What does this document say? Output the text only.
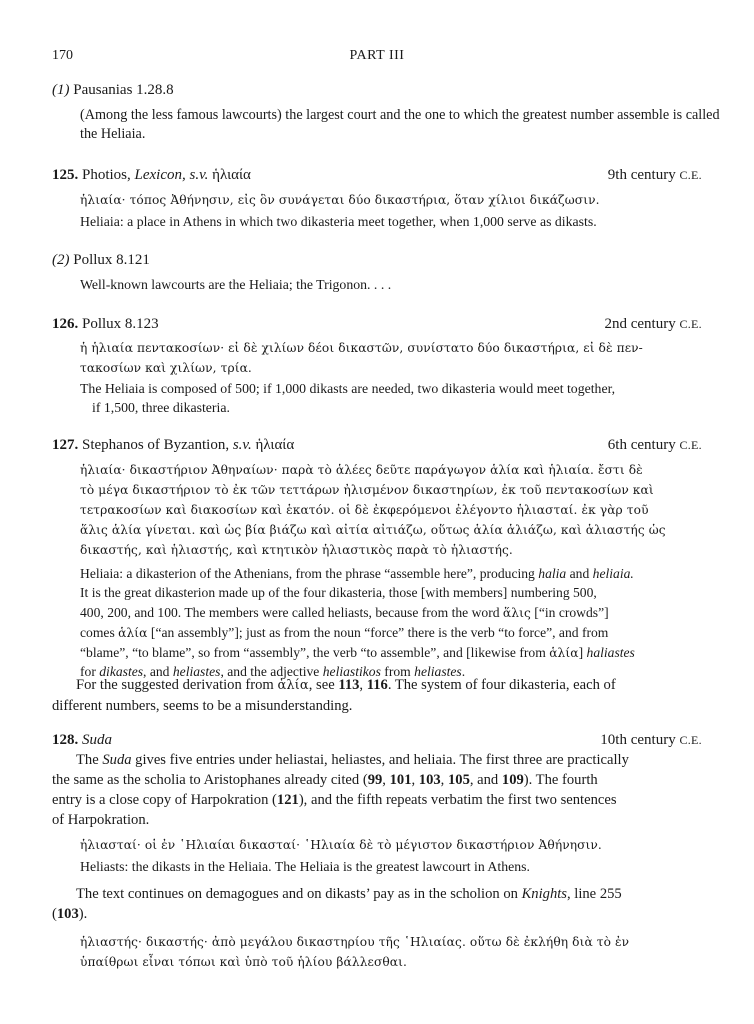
170	PART III
(1) Pausanias 1.28.8

(Among the less famous lawcourts) the largest court and the one to which the greatest number assemble is called the Heliaia.

125. Photios, Lexicon, s.v. ἡλιαία	9th century C.E.

ἡλιαία· τόπος Ἀθήνησιν, εἰς ὃν συνάγεται δύο δικαστήρια, ὅταν χίλιοι δικάζωσιν.

Heliaia: a place in Athens in which two dikasteria meet together, when 1,000 serve as dikasts.

(2) Pollux 8.121

Well-known lawcourts are the Heliaia; the Trigonon. . . .

126. Pollux 8.123	2nd century C.E.

ἡ ἡλιαία πεντακοσίων· εἰ δὲ χιλίων δέοι δικαστῶν, συνίστατο δύο δικαστήρια, εἰ δὲ πεν-

τακοσίων καὶ χιλίων, τρία.

The Heliaia is composed of 500; if 1,000 dikasts are needed, two dikasteria would meet together,

if 1,500, three dikasteria.

127. Stephanos of Byzantion, s.v. ἡλιαία	6th century C.E.

ἡλιαία· δικαστήριον Ἀθηναίων· παρὰ τὸ ἁλέες δεῦτε παράγωγον ἁλία καὶ ἡλιαία. ἔστι δὲ

τὸ μέγα δικαστήριον τὸ ἐκ τῶν τεττάρων ἠλισμένον δικαστηρίων, ἐκ τοῦ πεντακοσίων καὶ

τετρακοσίων καὶ διακοσίων καὶ ἑκατόν. οἱ δὲ ἐκφερόμενοι ἐλέγοντο ἡλιασταί. ἐκ γὰρ τοῦ

ἅλις ἁλία γίνεται. καὶ ὡς βία βιάζω καὶ αἰτία αἰτιάζω, οὕτως ἁλία ἁλιάζω, καὶ ἁλιαστής ὡς

δικαστής, καὶ ἡλιαστής, καὶ κτητικὸν ἡλιαστικὸς παρὰ τὸ ἡλιαστής.

Heliaia: a dikasterion of the Athenians, from the phrase “assemble here”, producing halia and heliaia.

It is the great dikasterion made up of the four dikasteria, those [with members] numbering 500,

400, 200, and 100. The members were called heliasts, because from the word ἅλις [“in crowds”]

comes ἁλία [“an assembly”]; just as from the noun “force” there is the verb “to force”, and from

“blame”, “to blame”, so from “assembly”, the verb “to assemble”, and [likewise from ἁλία] haliastes

for dikastes, and heliastes, and the adjective heliastikos from heliastes.

For the suggested derivation from ἁλία, see 113, 116. The system of four dikasteria, each of

different numbers, seems to be a misunderstanding.

128. Suda	10th century C.E.

The Suda gives five entries under heliastai, heliastes, and heliaia. The first three are practically

the same as the scholia to Aristophanes already cited (99, 101, 103, 105, and 109). The fourth

entry is a close copy of Harpokration (121), and the fifth repeats verbatim the first two sentences

of Harpokration.

ἡλιασταί· οἱ ἐν ῾Ηλιαίαι δικασταί· ῾Ηλιαία δὲ τὸ μέγιστον δικαστήριον Ἀθήνησιν.

Heliasts: the dikasts in the Heliaia. The Heliaia is the greatest lawcourt in Athens.

The text continues on demagogues and on dikasts’ pay as in the scholion on Knights, line 255

(103).

ἡλιαστής· δικαστής· ἀπὸ μεγάλου δικαστηρίου τῆς ῾Ηλιαίας. οὕτω δὲ ἐκλήθη διὰ τὸ ἐν

ὑπαίθρωι εἶναι τόπωι καὶ ὑπὸ τοῦ ἡλίου βάλλεσθαι.
